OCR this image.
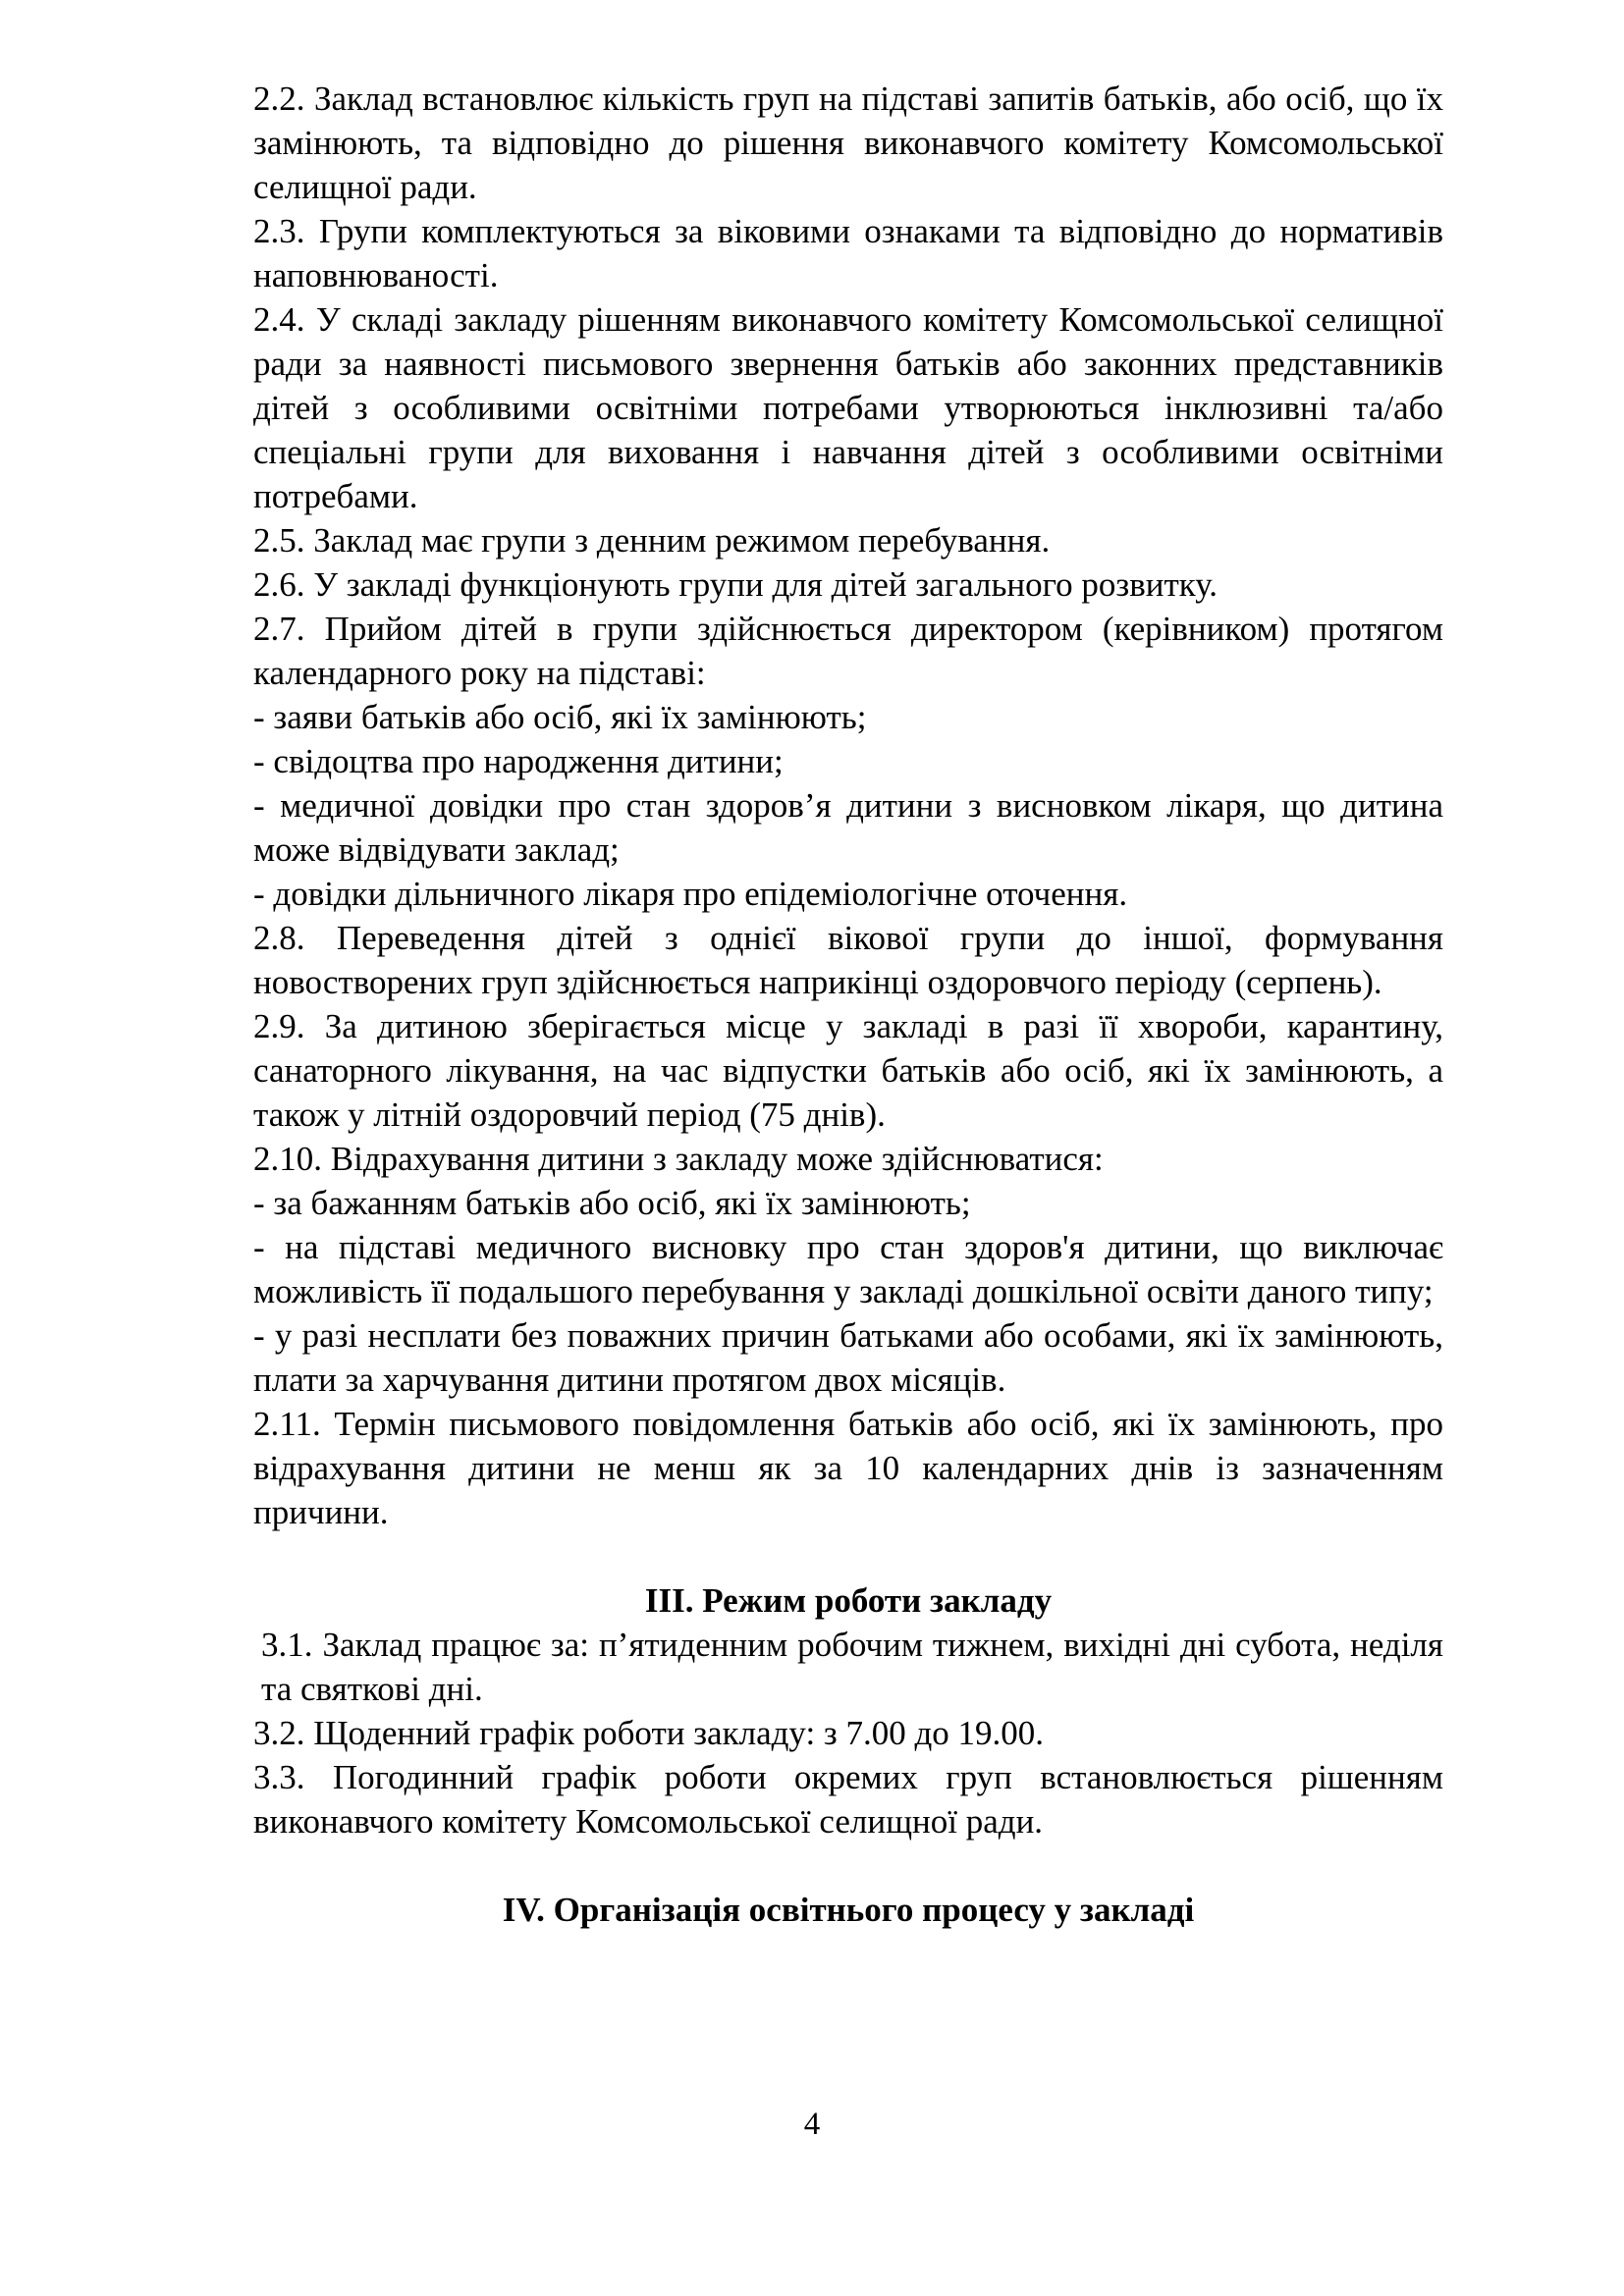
2.2. Заклад встановлює кількість груп на підставі запитів батьків, або осіб, що їх замінюють, та відповідно до рішення виконавчого комітету Комсомольської селищної ради.

2.3. Групи комплектуються за віковими ознаками та відповідно до нормативів наповнюваності.

2.4. У складі закладу рішенням виконавчого комітету Комсомольської селищної ради за наявності письмового звернення батьків або законних представників дітей з особливими освітніми потребами утворюються інклюзивні та/або спеціальні групи для виховання і навчання дітей з особливими освітніми потребами.

2.5. Заклад має групи з денним режимом перебування.

2.6. У закладі функціонують групи для дітей загального розвитку.

2.7. Прийом дітей в групи здійснюється директором (керівником) протягом календарного року на підставі:

- заяви батьків або осіб, які їх замінюють;

- свідоцтва про народження дитини;

- медичної довідки про стан здоров’я дитини з висновком лікаря, що дитина може відвідувати заклад;

- довідки дільничного лікаря про епідеміологічне оточення.

2.8. Переведення дітей з однієї вікової групи до іншої, формування новостворених груп здійснюється наприкінці оздоровчого періоду (серпень).

2.9. За дитиною зберігається місце у закладі в разі її хвороби, карантину, санаторного лікування, на час відпустки батьків або осіб, які їх замінюють, а також у літній оздоровчий період (75 днів).

2.10. Відрахування дитини з закладу може здійснюватися:

- за бажанням батьків або осіб, які їх замінюють;

- на підставі медичного висновку про стан здоров'я дитини, що виключає можливість її подальшого перебування у закладі дошкільної освіти даного типу;

- у разі несплати без поважних причин батьками або особами, які їх замінюють, плати за харчування дитини протягом двох місяців.

2.11. Термін письмового повідомлення батьків або осіб, які їх замінюють, про відрахування дитини не менш як за 10 календарних днів із зазначенням причини.

ІІІ. Режим роботи закладу

3.1. Заклад працює за: п’ятиденним робочим тижнем, вихідні дні субота, неділя та святкові дні.

3.2. Щоденний графік роботи закладу: з 7.00 до 19.00.

3.3. Погодинний графік роботи окремих груп встановлюється рішенням виконавчого комітету Комсомольської селищної ради.

IV. Організація освітнього процесу у закладі
4
